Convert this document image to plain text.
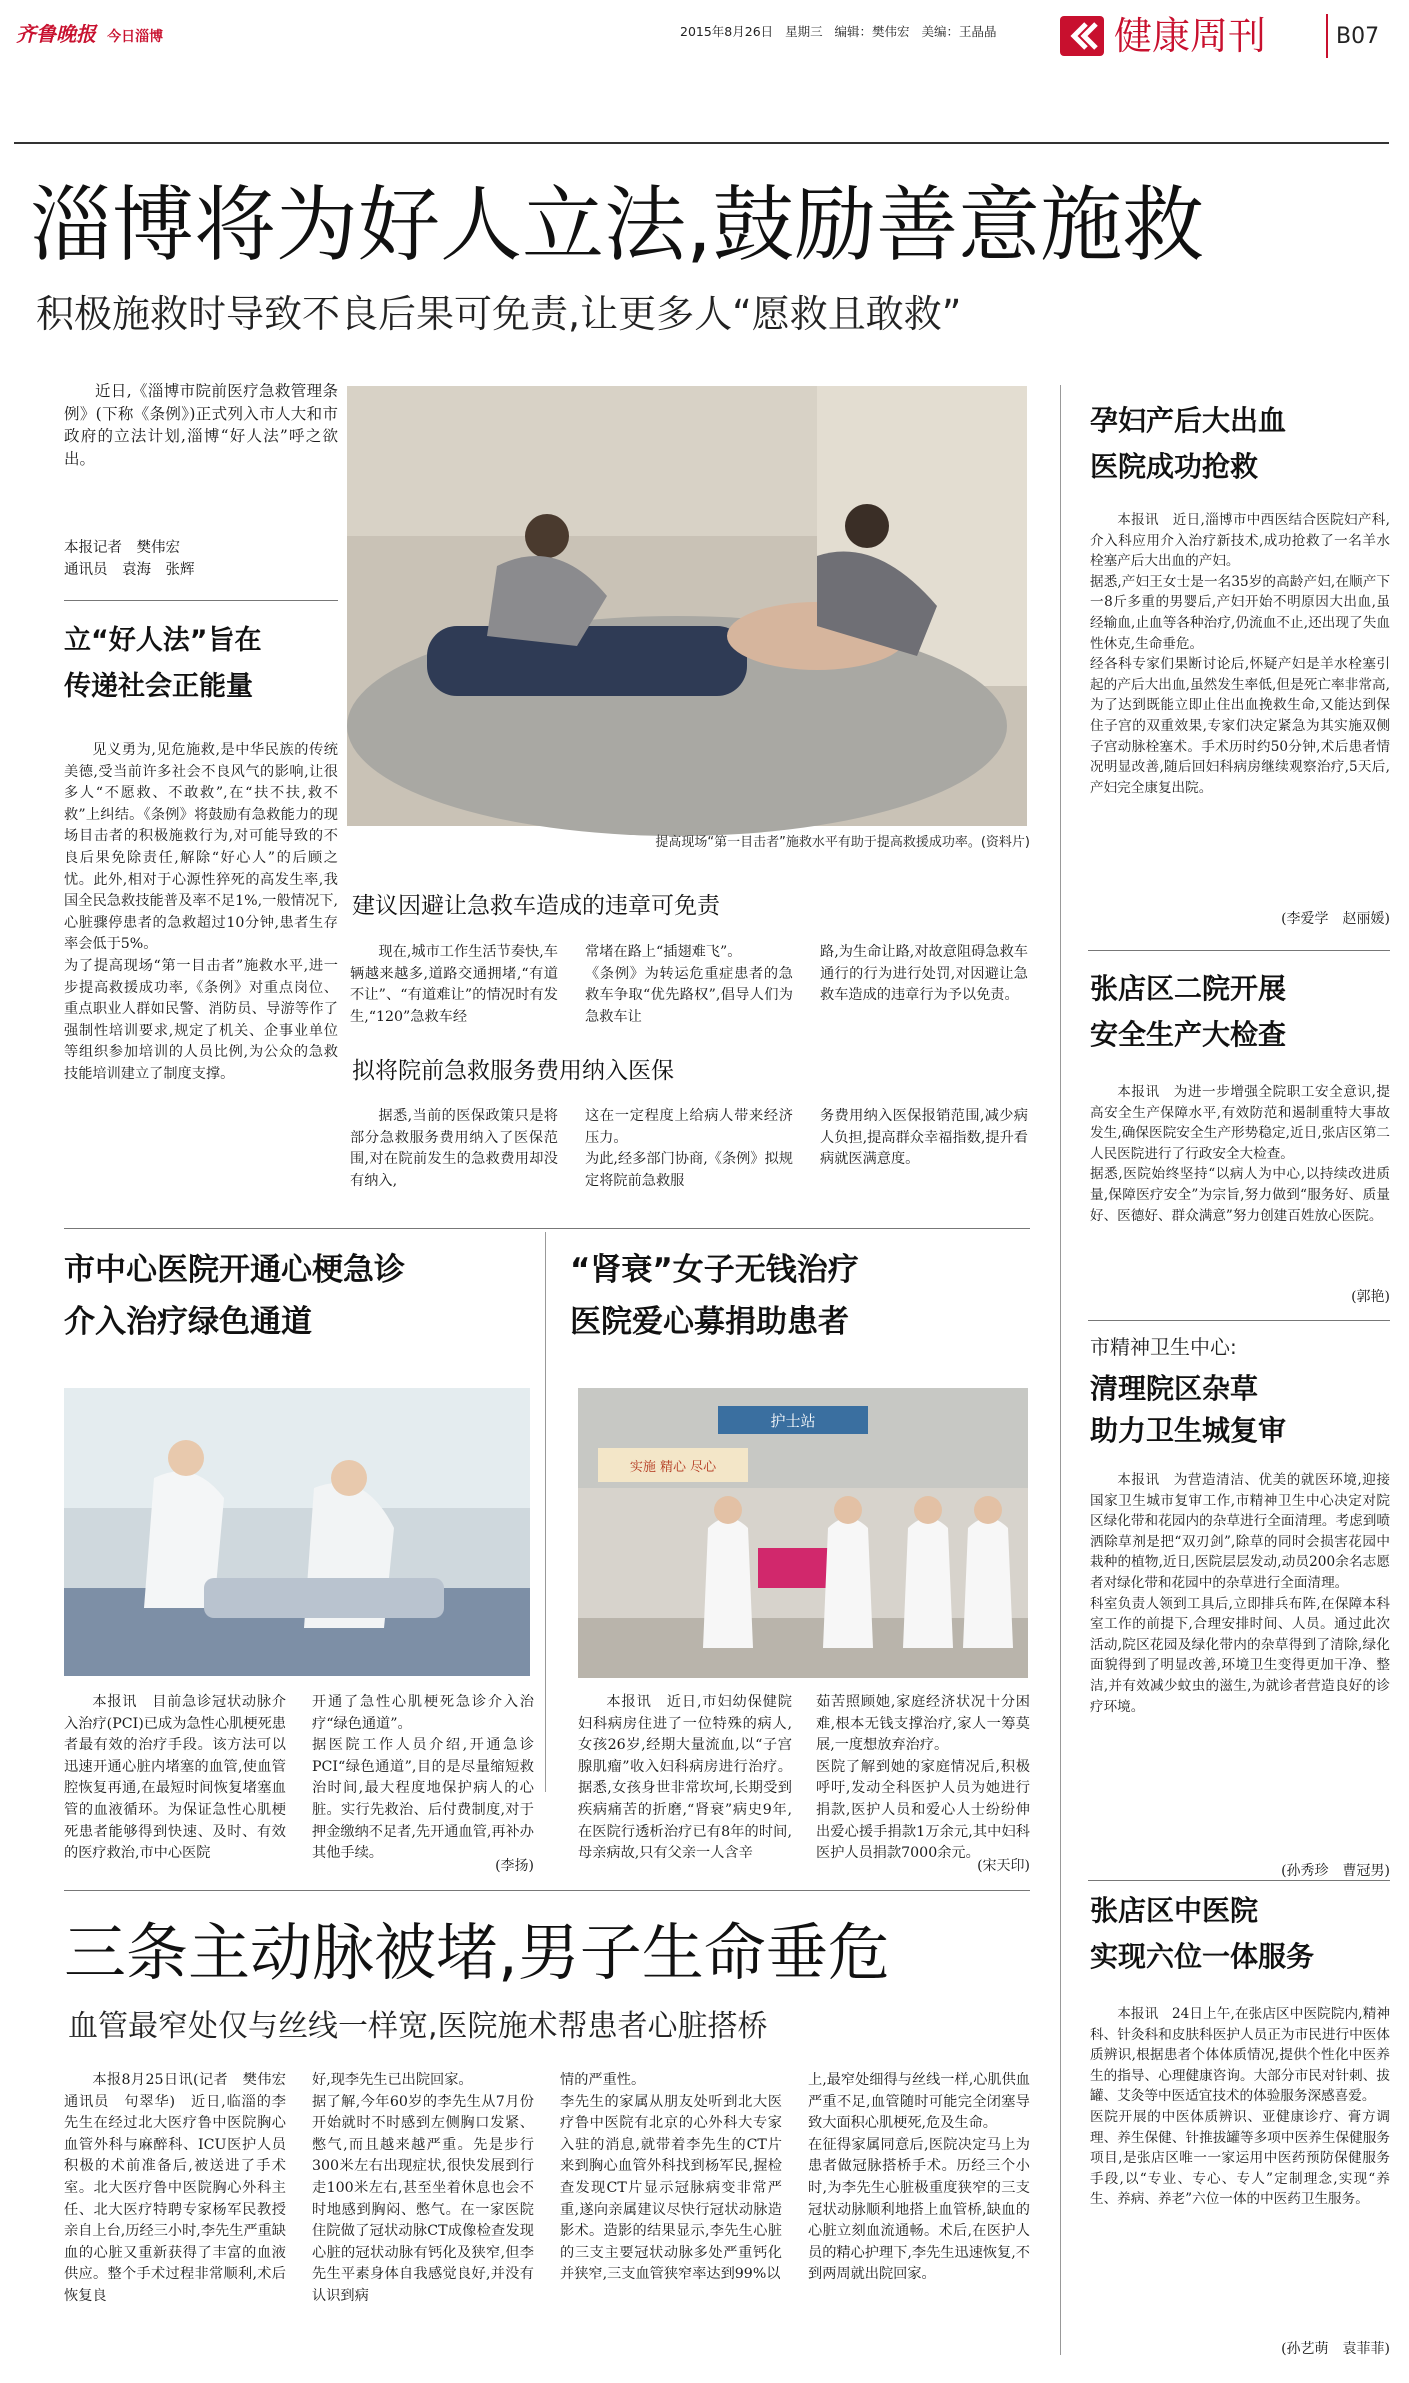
齐鲁晚报 今日淄博	2015年8月26日 星期三 编辑：樊伟宏 美编：王晶晶	健康周刊	B07
淄博将为好人立法,鼓励善意施救
积极施救时导致不良后果可免责,让更多人“愿救且敢救”
近日,《淄博市院前医疗急救管理条例》(下称《条例》)正式列入市人大和市政府的立法计划,淄博“好人法”呼之欲出。
本报记者　樊伟宏
通讯员　袁海　张辉
立“好人法”旨在
传递社会正能量
见义勇为,见危施救,是中华民族的传统美德,受当前许多社会不良风气的影响,让很多人“不愿救、不敢救”,在“扶不扶,救不救”上纠结。《条例》将鼓励有急救能力的现场目击者的积极施救行为,对可能导致的不良后果免除责任,解除“好心人”的后顾之忧。此外,相对于心源性猝死的高发生率,我国全民急救技能普及率不足1%,一般情况下,心脏骤停患者的急救超过10分钟,患者生存率会低于5%。
为了提高现场“第一目击者”施救水平,进一步提高救援成功率,《条例》对重点岗位、重点职业人群如民警、消防员、导游等作了强制性培训要求,规定了机关、企事业单位等组织参加培训的人员比例,为公众的急救技能培训建立了制度支撑。
提高现场“第一目击者”施救水平有助于提高救援成功率。(资料片)
建议因避让急救车造成的违章可免责
现在,城市工作生活节奏快,车辆越来越多,道路交通拥堵,“有道不让”、“有道难让”的情况时有发生,“120”急救车经
常堵在路上“插翅难飞”。
《条例》为转运危重症患者的急救车争取“优先路权”,倡导人们为急救车让
路,为生命让路,对故意阻碍急救车通行的行为进行处罚,对因避让急救车造成的违章行为予以免责。
拟将院前急救服务费用纳入医保
据悉,当前的医保政策只是将部分急救服务费用纳入了医保范围,对在院前发生的急救费用却没有纳入,
这在一定程度上给病人带来经济压力。
为此,经多部门协商,《条例》拟规定将院前急救服
务费用纳入医保报销范围,减少病人负担,提高群众幸福指数,提升看病就医满意度。
孕妇产后大出血
医院成功抢救
本报讯　近日,淄博市中西医结合医院妇产科,介入科应用介入治疗新技术,成功抢救了一名羊水栓塞产后大出血的产妇。
据悉,产妇王女士是一名35岁的高龄产妇,在顺产下一8斤多重的男婴后,产妇开始不明原因大出血,虽经输血,止血等各种治疗,仍流血不止,还出现了失血性休克,生命垂危。
经各科专家们果断讨论后,怀疑产妇是羊水栓塞引起的产后大出血,虽然发生率低,但是死亡率非常高,为了达到既能立即止住出血挽救生命,又能达到保住子宫的双重效果,专家们决定紧急为其实施双侧子宫动脉栓塞术。手术历时约50分钟,术后患者情况明显改善,随后回妇科病房继续观察治疗,5天后,产妇完全康复出院。
(李爱学　赵丽媛)
张店区二院开展
安全生产大检查
本报讯　为进一步增强全院职工安全意识,提高安全生产保障水平,有效防范和遏制重特大事故发生,确保医院安全生产形势稳定,近日,张店区第二人民医院进行了行政安全大检查。
据悉,医院始终坚持“以病人为中心,以持续改进质量,保障医疗安全”为宗旨,努力做到“服务好、质量好、医德好、群众满意”努力创建百姓放心医院。
(郭艳)
市精神卫生中心:
清理院区杂草
助力卫生城复审
本报讯　为营造清洁、优美的就医环境,迎接国家卫生城市复审工作,市精神卫生中心决定对院区绿化带和花园内的杂草进行全面清理。考虑到喷洒除草剂是把“双刃剑”,除草的同时会损害花园中栽种的植物,近日,医院层层发动,动员200余名志愿者对绿化带和花园中的杂草进行全面清理。
科室负责人领到工具后,立即排兵布阵,在保障本科室工作的前提下,合理安排时间、人员。通过此次活动,院区花园及绿化带内的杂草得到了清除,绿化面貌得到了明显改善,环境卫生变得更加干净、整洁,并有效减少蚊虫的滋生,为就诊者营造良好的诊疗环境。
(孙秀珍　曹冠男)
张店区中医院
实现六位一体服务
本报讯　24日上午,在张店区中医院院内,精神科、针灸科和皮肤科医护人员正为市民进行中医体质辨识,根据患者个体体质情况,提供个性化中医养生的指导、心理健康咨询。大部分市民对针刺、拔罐、艾灸等中医适宜技术的体验服务深感喜爱。
医院开展的中医体质辨识、亚健康诊疗、膏方调理、养生保健、针推拔罐等多项中医养生保健服务项目,是张店区唯一一家运用中医药预防保健服务手段,以“专业、专心、专人”定制理念,实现“养生、养病、养老”六位一体的中医药卫生服务。
(孙艺萌　袁菲菲)
市中心医院开通心梗急诊
介入治疗绿色通道
本报讯　目前急诊冠状动脉介入治疗(PCI)已成为急性心肌梗死患者最有效的治疗手段。该方法可以迅速开通心脏内堵塞的血管,使血管腔恢复再通,在最短时间恢复堵塞血管的血液循环。为保证急性心肌梗死患者能够得到快速、及时、有效的医疗救治,市中心医院
开通了急性心肌梗死急诊介入治疗“绿色通道”。
据医院工作人员介绍,开通急诊PCI“绿色通道”,目的是尽量缩短救治时间,最大程度地保护病人的心脏。实行先救治、后付费制度,对于押金缴纳不足者,先开通血管,再补办其他手续。
(李扬)
“肾衰”女子无钱治疗
医院爱心募捐助患者
护士站
实施 精心 尽心
本报讯　近日,市妇幼保健院妇科病房住进了一位特殊的病人,女孩26岁,经期大量流血,以“子宫腺肌瘤”收入妇科病房进行治疗。据悉,女孩身世非常坎坷,长期受到疾病痛苦的折磨,“肾衰”病史9年,在医院行透析治疗已有8年的时间,母亲病故,只有父亲一人含辛
茹苦照顾她,家庭经济状况十分困难,根本无钱支撑治疗,家人一筹莫展,一度想放弃治疗。
医院了解到她的家庭情况后,积极呼吁,发动全科医护人员为她进行捐款,医护人员和爱心人士纷纷伸出爱心援手捐款1万余元,其中妇科医护人员捐款7000余元。
(宋天印)
三条主动脉被堵,男子生命垂危
血管最窄处仅与丝线一样宽,医院施术帮患者心脏搭桥
本报8月25日讯(记者　樊伟宏　通讯员　句翠华)　近日,临淄的李先生在经过北大医疗鲁中医院胸心血管外科与麻醉科、ICU医护人员积极的术前准备后,被送进了手术室。北大医疗鲁中医院胸心外科主任、北大医疗特聘专家杨军民教授亲自上台,历经三小时,李先生严重缺血的心脏又重新获得了丰富的血液供应。整个手术过程非常顺利,术后恢复良
好,现李先生已出院回家。
据了解,今年60岁的李先生从7月份开始就时不时感到左侧胸口发紧、憋气,而且越来越严重。先是步行300米左右出现症状,很快发展到行走100米左右,甚至坐着休息也会不时地感到胸闷、憋气。在一家医院住院做了冠状动脉CT成像检查发现心脏的冠状动脉有钙化及狭窄,但李先生平素身体自我感觉良好,并没有认识到病
情的严重性。
李先生的家属从朋友处听到北大医疗鲁中医院有北京的心外科大专家入驻的消息,就带着李先生的CT片来到胸心血管外科找到杨军民,握检查发现CT片显示冠脉病变非常严重,遂向亲属建议尽快行冠状动脉造影术。造影的结果显示,李先生心脏的三支主要冠状动脉多处严重钙化并狭窄,三支血管狭窄率达到99%以
上,最窄处细得与丝线一样,心肌供血严重不足,血管随时可能完全闭塞导致大面积心肌梗死,危及生命。
在征得家属同意后,医院决定马上为患者做冠脉搭桥手术。历经三个小时,为李先生心脏极重度狭窄的三支冠状动脉顺利地搭上血管桥,缺血的心脏立刻血流通畅。术后,在医护人员的精心护理下,李先生迅速恢复,不到两周就出院回家。
